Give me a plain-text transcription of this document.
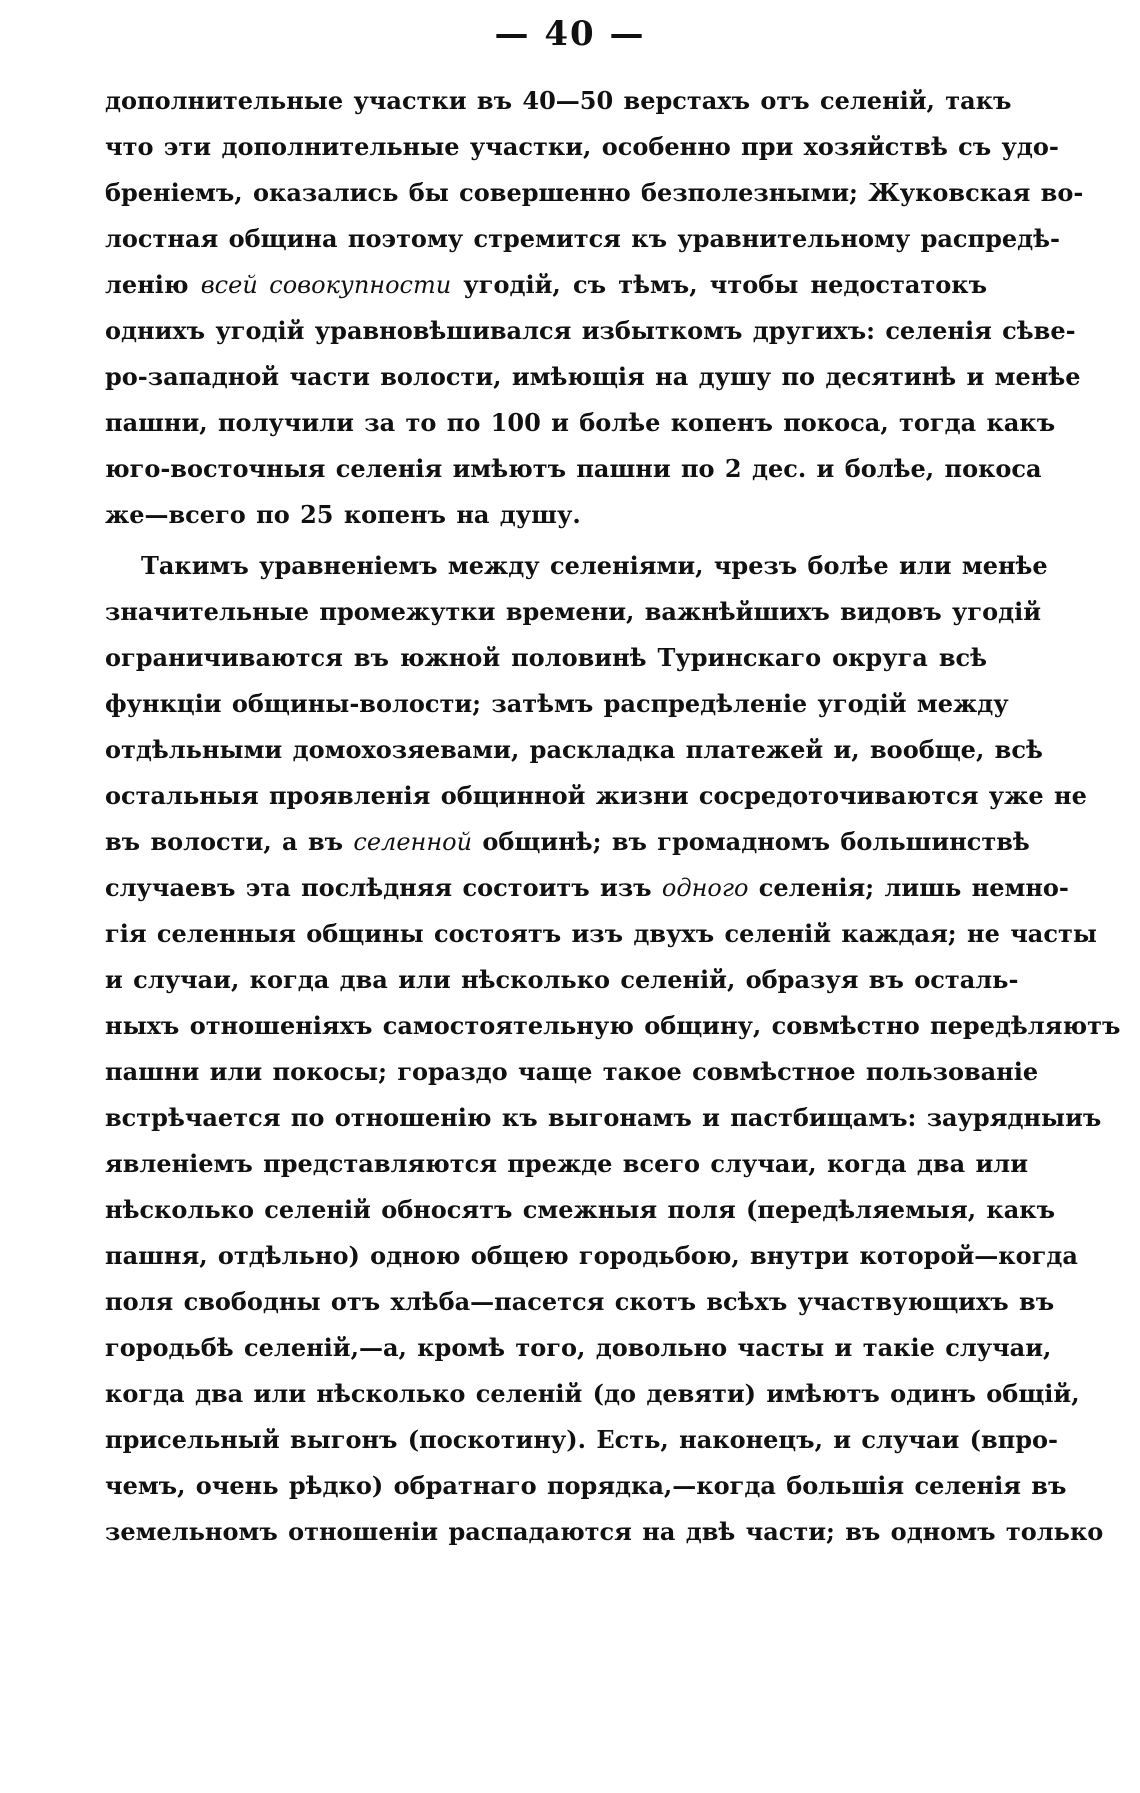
— 40 —
дополнительные участки въ 40—50 верстахъ отъ селеній, такъ
что эти дополнительные участки, особенно при хозяйствѣ съ удо-
бреніемъ, оказались бы совершенно безполезными; Жуковская во-
лостная община поэтому стремится къ уравнительному распредѣ-
ленію всей совокупности угодій, съ тѣмъ, чтобы недостатокъ
однихъ угодій уравновѣшивался избыткомъ другихъ: селенія сѣве-
ро-западной части волости, имѣющія на душу по десятинѣ и менѣе
пашни, получили за то по 100 и болѣе копенъ покоса, тогда какъ
юго-восточныя селенія имѣютъ пашни по 2 дес. и болѣе, покоса
же—всего по 25 копенъ на душу.
Такимъ уравненіемъ между селеніями, чрезъ болѣе или менѣе
значительные промежутки времени, важнѣйшихъ видовъ угодій
ограничиваются въ южной половинѣ Туринскаго округа всѣ
функціи общины-волости; затѣмъ распредѣленіе угодій между
отдѣльными домохозяевами, раскладка платежей и, вообще, всѣ
остальныя проявленія общинной жизни сосредоточиваются уже не
въ волости, а въ селенной общинѣ; въ громадномъ большинствѣ
случаевъ эта послѣдняя состоитъ изъ одного селенія; лишь немно-
гія селенныя общины состоятъ изъ двухъ селеній каждая; не часты
и случаи, когда два или нѣсколько селеній, образуя въ осталь-
ныхъ отношеніяхъ самостоятельную общину, совмѣстно передѣляютъ
пашни или покосы; гораздо чаще такое совмѣстное пользованіе
встрѣчается по отношенію къ выгонамъ и пастбищамъ: заурядныиъ
явленіемъ представляются прежде всего случаи, когда два или
нѣсколько селеній обносятъ смежныя поля (передѣляемыя, какъ
пашня, отдѣльно) одною общею городьбою, внутри которой—когда
поля свободны отъ хлѣба—пасется скотъ всѣхъ участвующихъ въ
городьбѣ селеній,—а, кромѣ того, довольно часты и такіе случаи,
когда два или нѣсколько селеній (до девяти) имѣютъ одинъ общій,
присельный выгонъ (поскотину). Есть, наконецъ, и случаи (впро-
чемъ, очень рѣдко) обратнаго порядка,—когда большія селенія въ
земельномъ отношеніи распадаются на двѣ части; въ одномъ только
